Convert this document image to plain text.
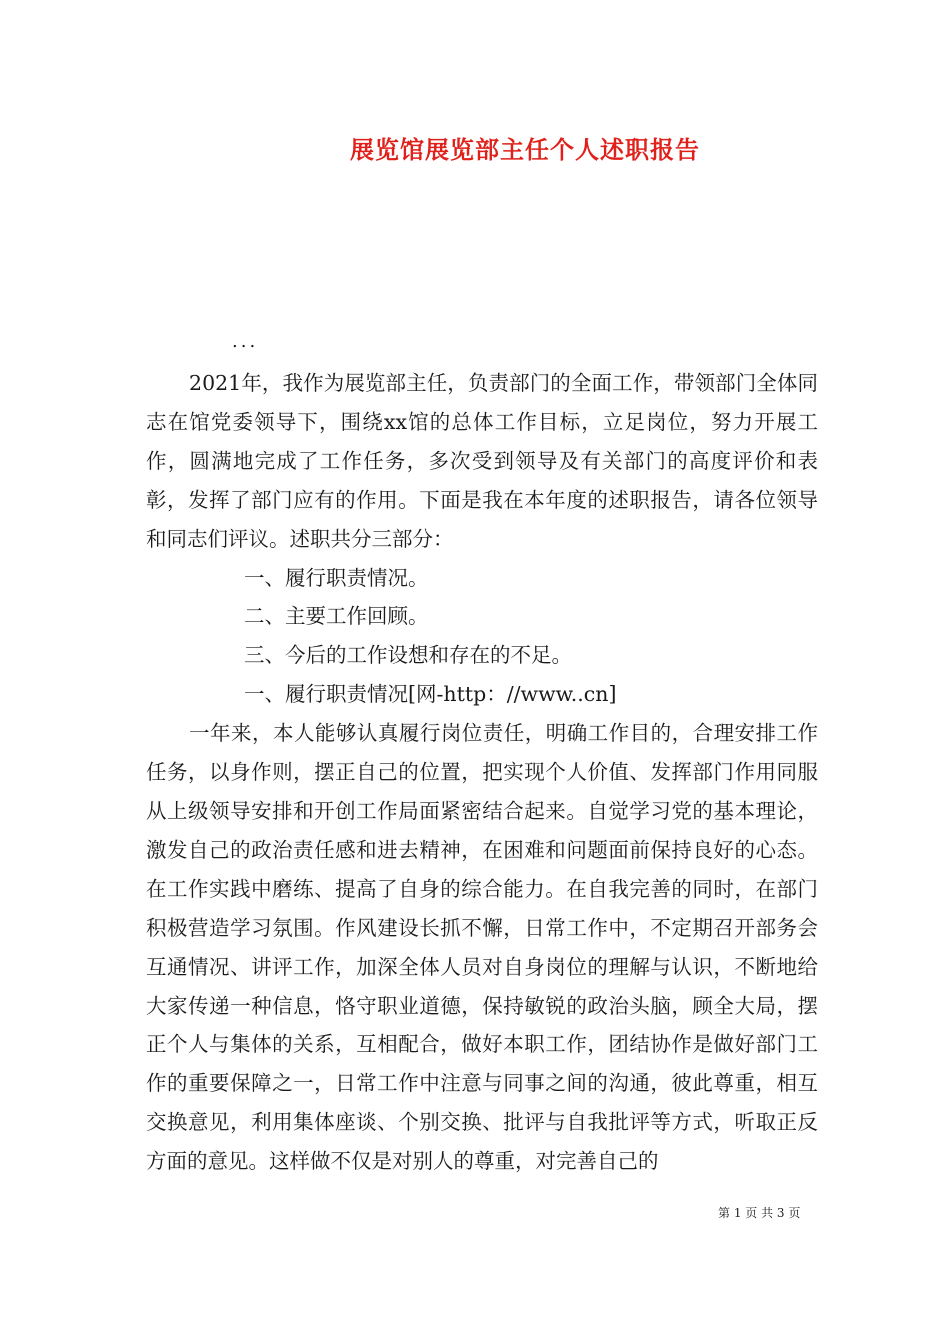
展览馆展览部主任个人述职报告
...

2021年，我作为展览部主任，负责部门的全面工作，带领部门全体同志在馆党委领导下，围绕xx馆的总体工作目标，立足岗位，努力开展工作，圆满地完成了工作任务，多次受到领导及有关部门的高度评价和表彰，发挥了部门应有的作用。下面是我在本年度的述职报告，请各位领导和同志们评议。述职共分三部分：

一、履行职责情况。

二、主要工作回顾。

三、今后的工作设想和存在的不足。

一、履行职责情况[网-http：//www..cn]

一年来，本人能够认真履行岗位责任，明确工作目的，合理安排工作任务，以身作则，摆正自己的位置，把实现个人价值、发挥部门作用同服从上级领导安排和开创工作局面紧密结合起来。自觉学习党的基本理论，激发自己的政治责任感和进去精神，在困难和问题面前保持良好的心态。在工作实践中磨练、提高了自身的综合能力。在自我完善的同时，在部门积极营造学习氛围。作风建设长抓不懈，日常工作中，不定期召开部务会互通情况、讲评工作，加深全体人员对自身岗位的理解与认识，不断地给大家传递一种信息，恪守职业道德，保持敏锐的政治头脑，顾全大局，摆正个人与集体的关系，互相配合，做好本职工作，团结协作是做好部门工作的重要保障之一，日常工作中注意与同事之间的沟通，彼此尊重，相互交换意见，利用集体座谈、个别交换、批评与自我批评等方式，听取正反方面的意见。这样做不仅是对别人的尊重，对完善自己的

第 1 页 共 3 页
